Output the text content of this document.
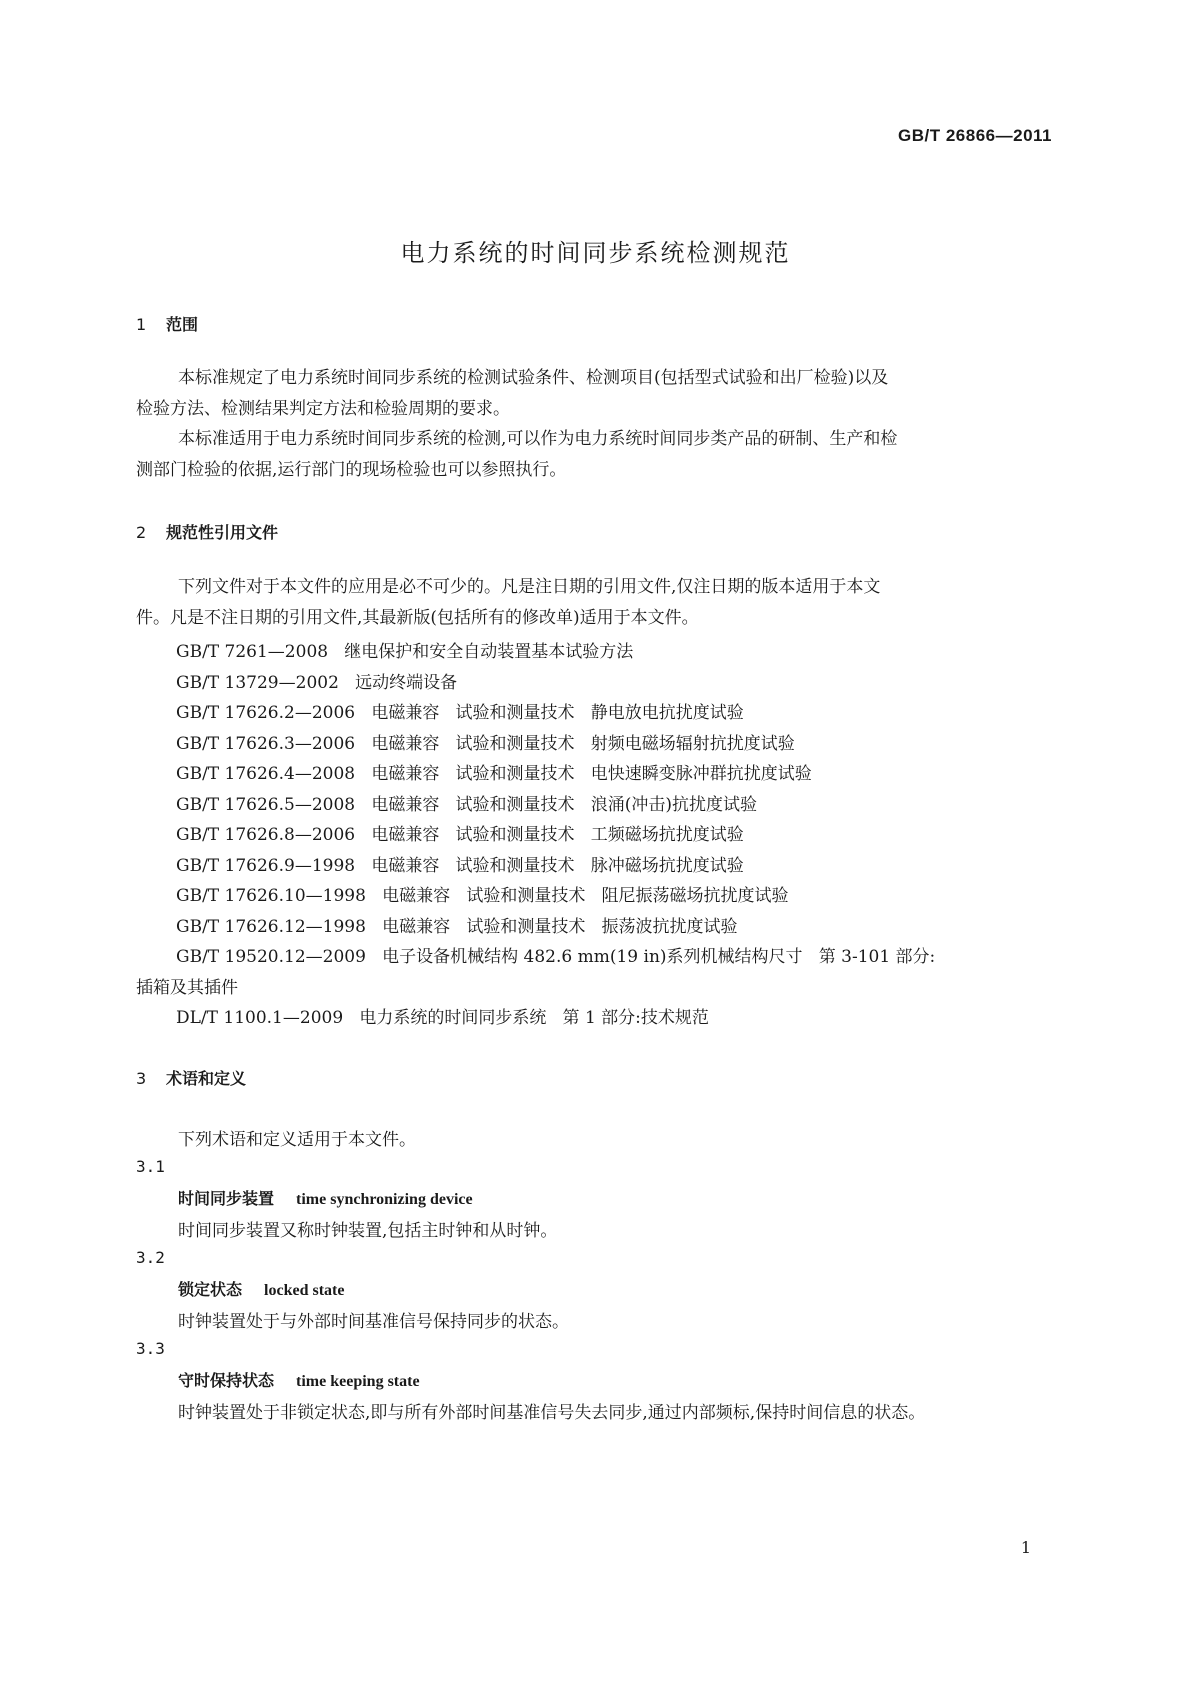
GB/T 26866—2011
电力系统的时间同步系统检测规范
1 范围
本标准规定了电力系统时间同步系统的检测试验条件、检测项目(包括型式试验和出厂检验)以及
检验方法、检测结果判定方法和检验周期的要求。
本标准适用于电力系统时间同步系统的检测,可以作为电力系统时间同步类产品的研制、生产和检
测部门检验的依据,运行部门的现场检验也可以参照执行。
2 规范性引用文件
下列文件对于本文件的应用是必不可少的。凡是注日期的引用文件,仅注日期的版本适用于本文
件。凡是不注日期的引用文件,其最新版(包括所有的修改单)适用于本文件。
GB/T 7261—2008   继电保护和安全自动装置基本试验方法
GB/T 13729—2002   远动终端设备
GB/T 17626.2—2006   电磁兼容   试验和测量技术   静电放电抗扰度试验
GB/T 17626.3—2006   电磁兼容   试验和测量技术   射频电磁场辐射抗扰度试验
GB/T 17626.4—2008   电磁兼容   试验和测量技术   电快速瞬变脉冲群抗扰度试验
GB/T 17626.5—2008   电磁兼容   试验和测量技术   浪涌(冲击)抗扰度试验
GB/T 17626.8—2006   电磁兼容   试验和测量技术   工频磁场抗扰度试验
GB/T 17626.9—1998   电磁兼容   试验和测量技术   脉冲磁场抗扰度试验
GB/T 17626.10—1998   电磁兼容   试验和测量技术   阻尼振荡磁场抗扰度试验
GB/T 17626.12—1998   电磁兼容   试验和测量技术   振荡波抗扰度试验
GB/T 19520.12—2009   电子设备机械结构 482.6 mm(19 in)系列机械结构尺寸   第 3-101 部分:
插箱及其插件
DL/T 1100.1—2009   电力系统的时间同步系统   第 1 部分:技术规范
3 术语和定义
下列术语和定义适用于本文件。
3.1
时间同步装置 time synchronizing device
时间同步装置又称时钟装置,包括主时钟和从时钟。
3.2
锁定状态 locked state
时钟装置处于与外部时间基准信号保持同步的状态。
3.3
守时保持状态 time keeping state
时钟装置处于非锁定状态,即与所有外部时间基准信号失去同步,通过内部频标,保持时间信息的状态。
1
